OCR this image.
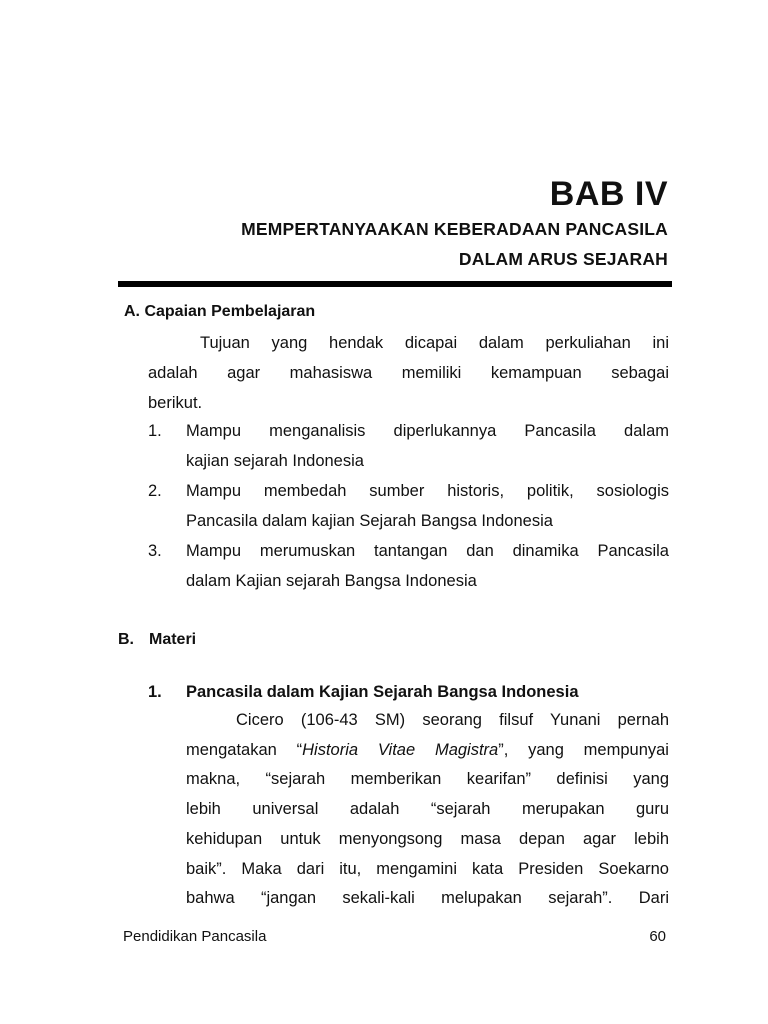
BAB IV
MEMPERTANYAAKAN KEBERADAAN PANCASILA
DALAM ARUS SEJARAH
A. Capaian Pembelajaran
Tujuan yang hendak dicapai dalam perkuliahan ini
adalah agar mahasiswa memiliki kemampuan sebagai
berikut.
1. Mampu menganalisis diperlukannya Pancasila dalam
kajian sejarah Indonesia
2. Mampu membedah sumber historis, politik, sosiologis
Pancasila dalam kajian Sejarah Bangsa Indonesia
3. Mampu merumuskan tantangan dan dinamika Pancasila
dalam Kajian sejarah Bangsa Indonesia
B. Materi
1. Pancasila dalam Kajian Sejarah Bangsa Indonesia
Cicero (106-43 SM) seorang filsuf Yunani pernah
mengatakan “Historia Vitae Magistra”, yang mempunyai
makna, “sejarah memberikan kearifan” definisi yang
lebih universal adalah “sejarah merupakan guru
kehidupan untuk menyongsong masa depan agar lebih
baik”. Maka dari itu, mengamini kata Presiden Soekarno
bahwa “jangan sekali-kali melupakan sejarah”. Dari
Pendidikan Pancasila	60
